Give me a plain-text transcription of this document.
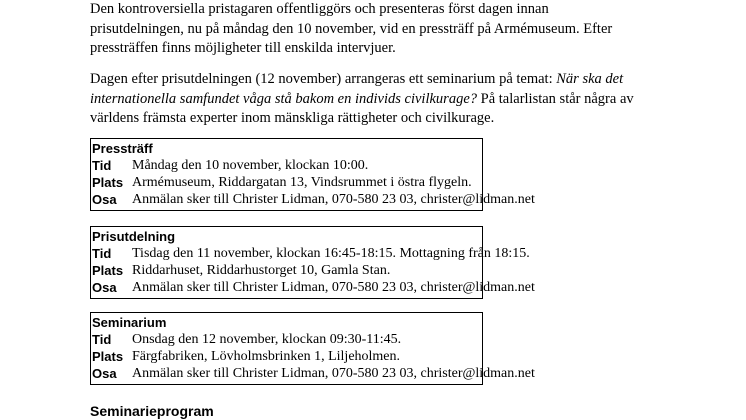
Den kontroversiella pristagaren offentliggörs och presenteras först dagen innan
prisutdelningen, nu på måndag den 10 november, vid en pressträff på Armémuseum. Efter
pressträffen finns möjligheter till enskilda intervjuer.

Dagen efter prisutdelningen (12 november) arrangeras ett seminarium på temat: När ska det
internationella samfundet våga stå bakom en individs civilkurage? På talarlistan står några av
världens främsta experter inom mänskliga rättigheter och civilkurage.

Pressträff
Tid	Måndag den 10 november, klockan 10:00.
Plats Armémuseum, Riddargatan 13, Vindsrummet i östra flygeln.
Osa	Anmälan sker till Christer Lidman, 070-580 23 03, christer@lidman.net
Prisutdelning
Tid	Tisdag den 11 november, klockan 16:45-18:15. Mottagning från 18:15.
Plats Riddarhuset, Riddarhustorget 10, Gamla Stan.
Osa	Anmälan sker till Christer Lidman, 070-580 23 03, christer@lidman.net
Seminarium
Tid	Onsdag den 12 november, klockan 09:30-11:45.
Plats Färgfabriken, Lövholmsbrinken 1, Liljeholmen.
Osa	Anmälan sker till Christer Lidman, 070-580 23 03, christer@lidman.net
Seminarieprogram
